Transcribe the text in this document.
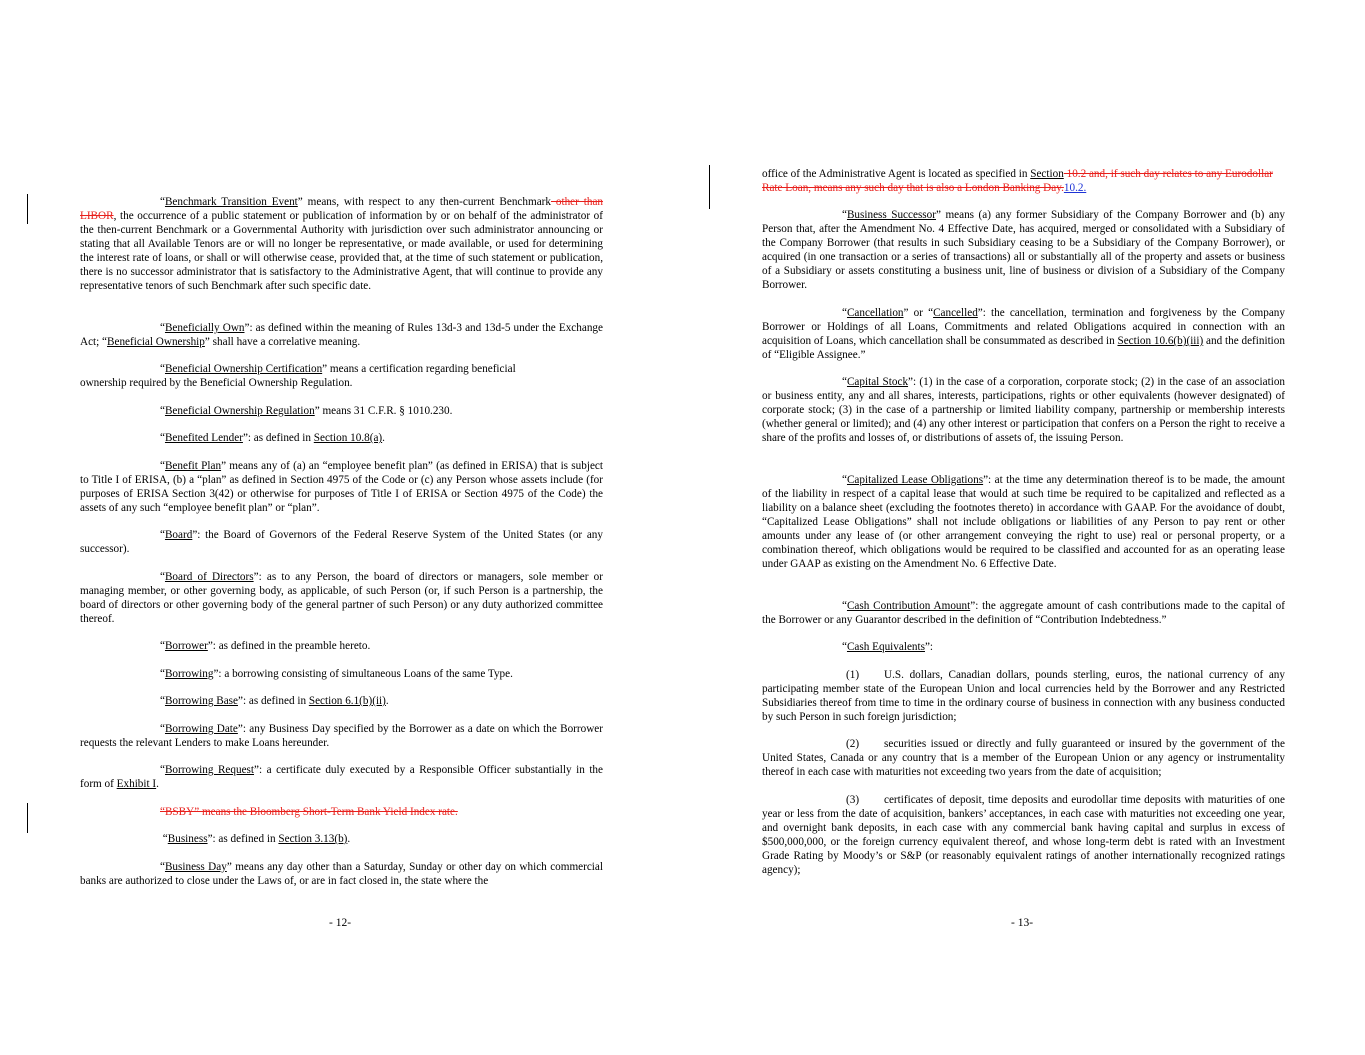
“Benchmark Transition Event” means, with respect to any then-current Benchmark other than LIBOR, the occurrence of a public statement or publication of information by or on behalf of the administrator of the then-current Benchmark or a Governmental Authority with jurisdiction over such administrator announcing or stating that all Available Tenors are or will no longer be representative, or made available, or used for determining the interest rate of loans, or shall or will otherwise cease, provided that, at the time of such statement or publication, there is no successor administrator that is satisfactory to the Administrative Agent, that will continue to provide any representative tenors of such Benchmark after such specific date.

“Beneficially Own”: as defined within the meaning of Rules 13d-3 and 13d-5 under the Exchange Act; “Beneficial Ownership” shall have a correlative meaning.

“Beneficial Ownership Certification” means a certification regarding beneficial
ownership required by the Beneficial Ownership Regulation.

“Beneficial Ownership Regulation” means 31 C.F.R. § 1010.230.

“Benefited Lender”: as defined in Section 10.8(a).

“Benefit Plan” means any of (a) an “employee benefit plan” (as defined in ERISA) that is subject to Title I of ERISA, (b) a “plan” as defined in Section 4975 of the Code or (c) any Person whose assets include (for purposes of ERISA Section 3(42) or otherwise for purposes of Title I of ERISA or Section 4975 of the Code) the assets of any such “employee benefit plan” or “plan”.

“Board”: the Board of Governors of the Federal Reserve System of the United States (or any successor).

“Board of Directors”: as to any Person, the board of directors or managers, sole member or managing member, or other governing body, as applicable, of such Person (or, if such Person is a partnership, the board of directors or other governing body of the general partner of such Person) or any duty authorized committee thereof.

“Borrower”: as defined in the preamble hereto.

“Borrowing”: a borrowing consisting of simultaneous Loans of the same Type.

“Borrowing Base”: as defined in Section 6.1(b)(ii).

“Borrowing Date”: any Business Day specified by the Borrower as a date on which the Borrower requests the relevant Lenders to make Loans hereunder.

“Borrowing Request”: a certificate duly executed by a Responsible Officer substantially in the form of Exhibit I.

“BSBY” means the Bloomberg Short-Term Bank Yield Index rate.

“Business”: as defined in Section 3.13(b).

“Business Day” means any day other than a Saturday, Sunday or other day on which commercial banks are authorized to close under the Laws of, or are in fact closed in, the state where the

- 12-

office of the Administrative Agent is located as specified in Section 10.2 and, if such day relates to any Eurodollar Rate Loan, means any such day that is also a London Banking Day.10.2.

“Business Successor” means (a) any former Subsidiary of the Company Borrower and (b) any Person that, after the Amendment No. 4 Effective Date, has acquired, merged or consolidated with a Subsidiary of the Company Borrower (that results in such Subsidiary ceasing to be a Subsidiary of the Company Borrower), or acquired (in one transaction or a series of transactions) all or substantially all of the property and assets or business of a Subsidiary or assets constituting a business unit, line of business or division of a Subsidiary of the Company Borrower.

“Cancellation” or “Cancelled”: the cancellation, termination and forgiveness by the Company Borrower or Holdings of all Loans, Commitments and related Obligations acquired in connection with an acquisition of Loans, which cancellation shall be consummated as described in Section 10.6(b)(iii) and the definition of “Eligible Assignee.”

“Capital Stock”: (1) in the case of a corporation, corporate stock; (2) in the case of an association or business entity, any and all shares, interests, participations, rights or other equivalents (however designated) of corporate stock; (3) in the case of a partnership or limited liability company, partnership or membership interests (whether general or limited); and (4) any other interest or participation that confers on a Person the right to receive a share of the profits and losses of, or distributions of assets of, the issuing Person.

“Capitalized Lease Obligations”: at the time any determination thereof is to be made, the amount of the liability in respect of a capital lease that would at such time be required to be capitalized and reflected as a liability on a balance sheet (excluding the footnotes thereto) in accordance with GAAP. For the avoidance of doubt, “Capitalized Lease Obligations” shall not include obligations or liabilities of any Person to pay rent or other amounts under any lease of (or other arrangement conveying the right to use) real or personal property, or a combination thereof, which obligations would be required to be classified and accounted for as an operating lease under GAAP as existing on the Amendment No. 6 Effective Date.

“Cash Contribution Amount”: the aggregate amount of cash contributions made to the capital of the Borrower or any Guarantor described in the definition of “Contribution Indebtedness.”

“Cash Equivalents”:

(1) U.S. dollars, Canadian dollars, pounds sterling, euros, the national currency of any participating member state of the European Union and local currencies held by the Borrower and any Restricted Subsidiaries thereof from time to time in the ordinary course of business in connection with any business conducted by such Person in such foreign jurisdiction;

(2) securities issued or directly and fully guaranteed or insured by the government of the United States, Canada or any country that is a member of the European Union or any agency or instrumentality thereof in each case with maturities not exceeding two years from the date of acquisition;

(3) certificates of deposit, time deposits and eurodollar time deposits with maturities of one year or less from the date of acquisition, bankers’ acceptances, in each case with maturities not exceeding one year, and overnight bank deposits, in each case with any commercial bank having capital and surplus in excess of $500,000,000, or the foreign currency equivalent thereof, and whose long-term debt is rated with an Investment Grade Rating by Moody’s or S&P (or reasonably equivalent ratings of another internationally recognized ratings agency);

- 13-
